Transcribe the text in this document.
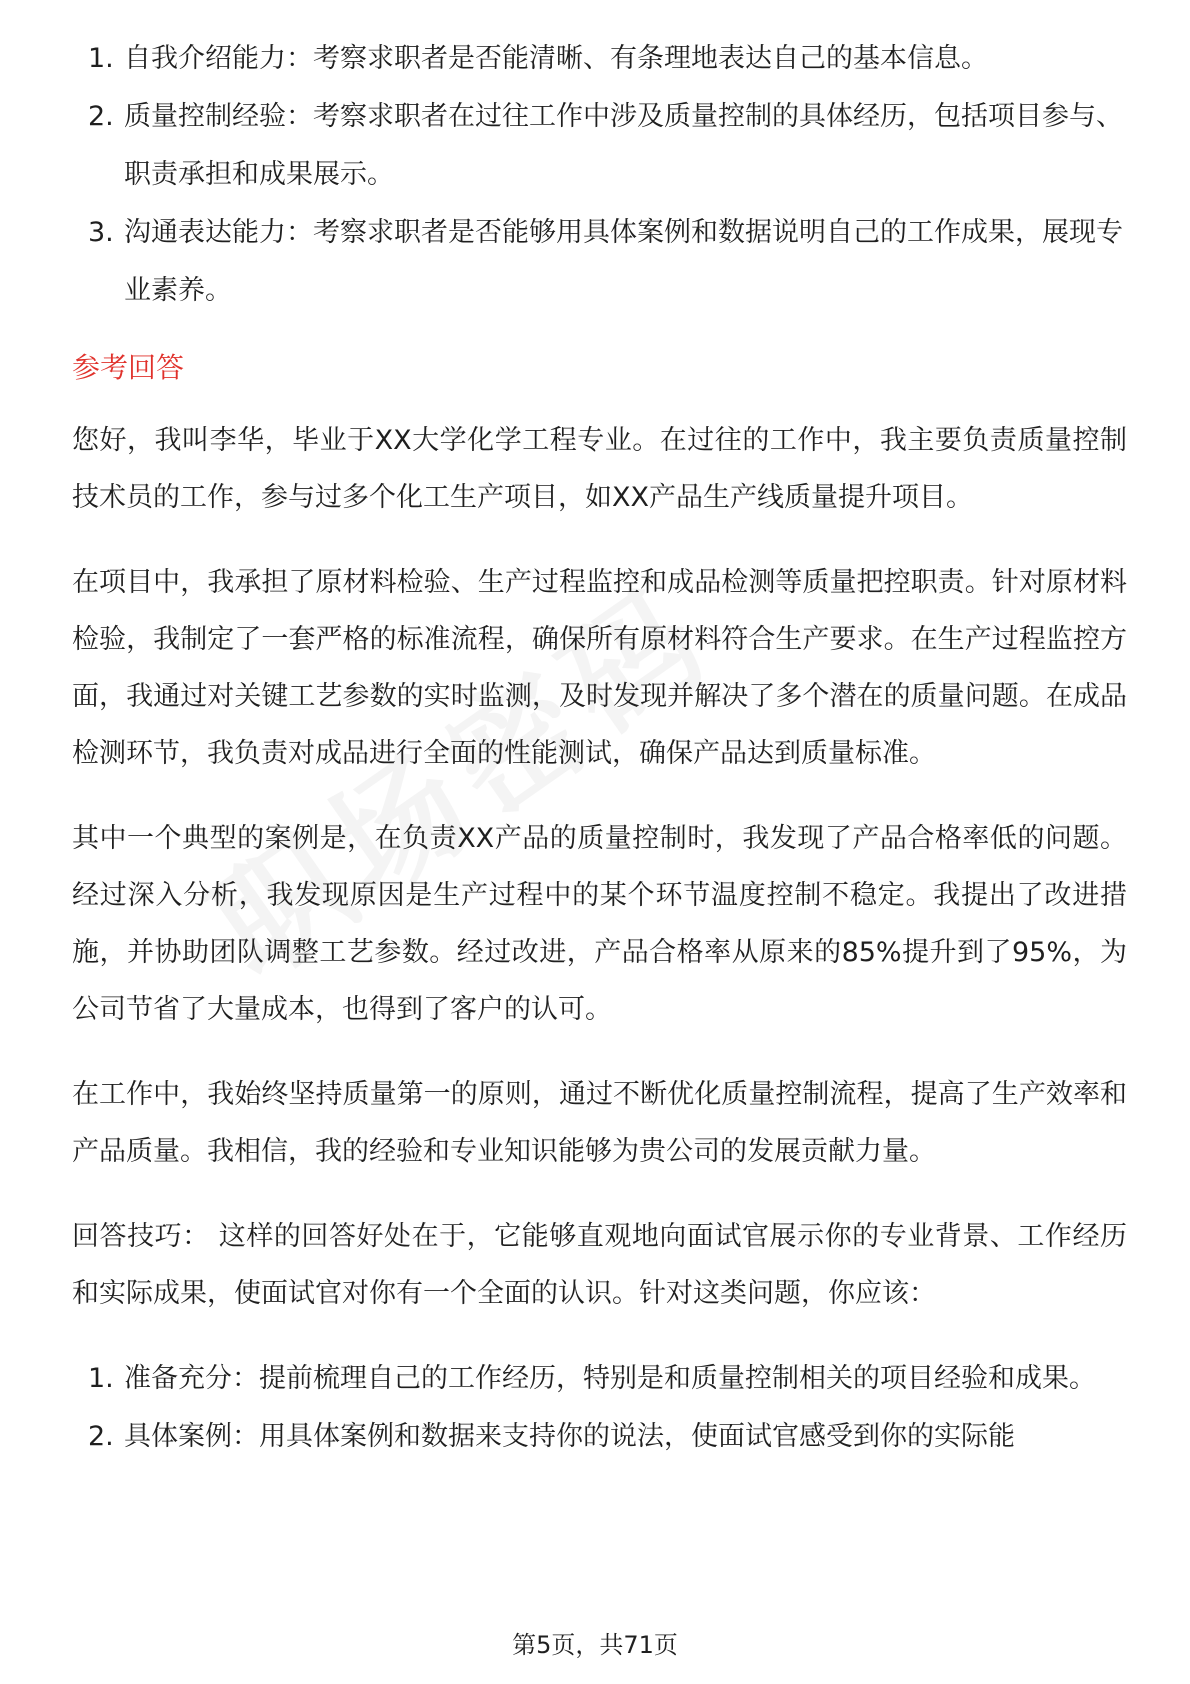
1. 自我介绍能力：考察求职者是否能清晰、有条理地表达自己的基本信息。
2. 质量控制经验：考察求职者在过往工作中涉及质量控制的具体经历，包括项目参与、职责承担和成果展示。
3. 沟通表达能力：考察求职者是否能够用具体案例和数据说明自己的工作成果，展现专业素养。
参考回答

您好，我叫李华，毕业于XX大学化学工程专业。在过往的工作中，我主要负责质量控制技术员的工作，参与过多个化工生产项目，如XX产品生产线质量提升项目。

在项目中，我承担了原材料检验、生产过程监控和成品检测等质量把控职责。针对原材料检验，我制定了一套严格的标准流程，确保所有原材料符合生产要求。在生产过程监控方面，我通过对关键工艺参数的实时监测，及时发现并解决了多个潜在的质量问题。在成品检测环节，我负责对成品进行全面的性能测试，确保产品达到质量标准。

其中一个典型的案例是，在负责XX产品的质量控制时，我发现了产品合格率低的问题。经过深入分析，我发现原因是生产过程中的某个环节温度控制不稳定。我提出了改进措施，并协助团队调整工艺参数。经过改进，产品合格率从原来的85%提升到了95%，为公司节省了大量成本，也得到了客户的认可。

在工作中，我始终坚持质量第一的原则，通过不断优化质量控制流程，提高了生产效率和产品质量。我相信，我的经验和专业知识能够为贵公司的发展贡献力量。

回答技巧： 这样的回答好处在于，它能够直观地向面试官展示你的专业背景、工作经历和实际成果，使面试官对你有一个全面的认识。针对这类问题，你应该：

1. 准备充分：提前梳理自己的工作经历，特别是和质量控制相关的项目经验和成果。
2. 具体案例：用具体案例和数据来支持你的说法，使面试官感受到你的实际能
第5页，共71页
